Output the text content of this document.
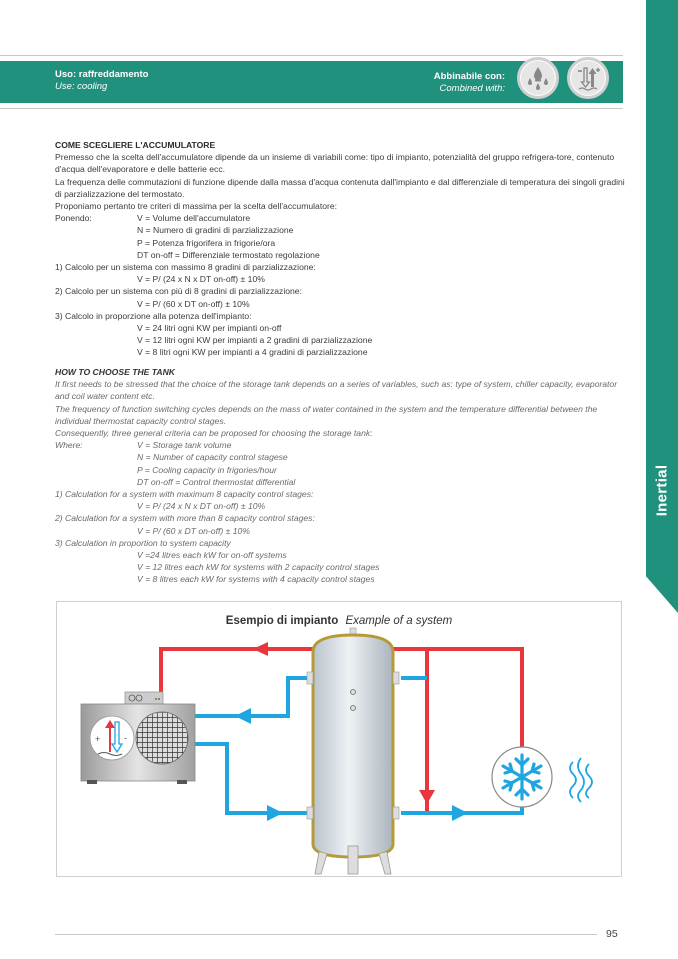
Inertial
Uso: raffreddamento
Use: cooling
Abbinabile con:
Combined with:

COME SCEGLIERE L'ACCUMULATORE

Premesso che la scelta dell'accumulatore dipende da un insieme di variabili come: tipo di impianto, potenzialità del gruppo refrigera-tore, contenuto d'acqua dell'evaporatore e delle batterie ecc.

La frequenza delle commutazioni di funzione dipende dalla massa d'acqua contenuta dall'impianto e dal differenziale di temperatura dei singoli gradini di parzializzazione del termostato.

Proponiamo pertanto tre criteri di massima per la scelta dell'accumulatore:

Ponendo:	V = Volume dell'accumulatore

N = Numero di gradini di parzializzazione

P = Potenza frigorifera in frigorie/ora

DT on-off = Differenziale termostato regolazione

1) Calcolo per un sistema con massimo 8 gradini di parzializzazione:

V = P/ (24 x N x DT on-off) ± 10%

2) Calcolo per un sistema con più di 8 gradini di parzializzazione:

V = P/ (60 x DT on-off) ± 10%

3) Calcolo in proporzione alla potenza dell'impianto:

V = 24 litri ogni KW per impianti on-off

V = 12 litri ogni KW per impianti a 2 gradini di parzializzazione

V = 8 litri ogni KW per impianti a 4 gradini di parzializzazione

HOW TO CHOOSE THE TANK

It first needs to be stressed that the choice of the storage tank depends on a series of variables, such as: type of system, chiller capacity, evaporator and coil water content etc.

The frequency of function switching cycles depends on the mass of water contained in the system and the temperature differential between the individual thermostat capacity control stages.

Consequently, three general criteria can be proposed for choosing the storage tank:

Where:	V = Storage tank volume

N = Number of capacity control stagese

P = Cooling capacity in frigories/hour

DT on-off = Control thermostat differential

1) Calculation for a system with maximum 8 capacity control stages:

V = P/ (24 x N x DT on-off) ± 10%

2) Calculation for a system with more than 8 capacity control stages:

V = P/ (60 x DT on-off) ± 10%

3) Calculation in proportion to system capacity

V =24 litres each kW for on-off systems

V = 12 litres each kW for systems with 2 capacity control stages

V = 8 litres each kW for systems with 4 capacity control stages

Esempio di impianto Example of a system
+	-
95
